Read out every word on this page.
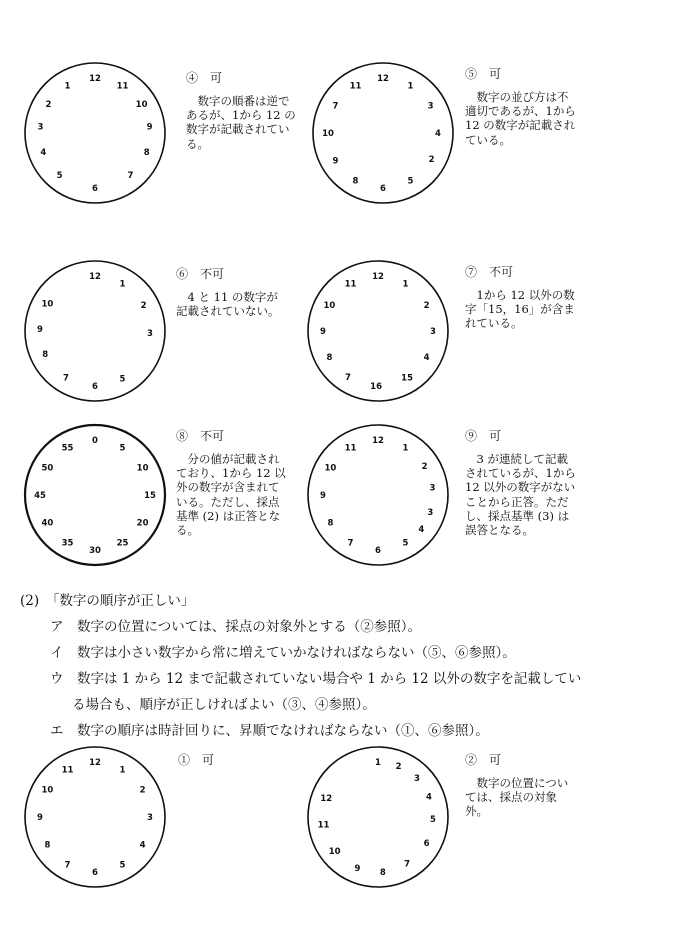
12
11
10
9
8
7
6
5
4
3
2
1
12
1
3
4
2
5
6
8
9
10
7
11
12
1
2
3
5
6
7
8
9
10
12
1
2
3
4
15
16
7
8
9
10
11
0
5
10
15
20
25
30
35
40
45
50
55
12
1
2
3
3
4
5
6
7
8
9
10
11
12
1
2
3
4
5
6
7
8
9
10
11
1 2
3
4
5
6
7
8
9
10
11
12
④　可
数字の順番は逆であるが、1から 12 の数字が記載されている。
⑤　可
数字の並び方は不適切であるが、1から 12 の数字が記載されている。
⑥　不可
4 と 11 の数字が記載されていない。
⑦　不可
1から 12 以外の数字「15，16」が含まれている。
⑧　不可
分の値が記載されており、1から 12 以外の数字が含まれている。ただし、採点基準 (2) は正答となる。
⑨　可
3 が連続して記載されているが、1から 12 以外の数字がないことから正答。ただし、採点基準 (3) は誤答となる。
①　可	②　可
数字の位置については、採点の対象外。
(2)　「数字の順序が正しい」
ア　数字の位置については、採点の対象外とする（②参照）。
イ　数字は小さい数字から常に増えていかなければならない（⑤、⑥参照）。
ウ　数字は 1 から 12 まで記載されていない場合や 1 から 12 以外の数字を記載してい
る場合も、順序が正しければよい（③、④参照）。
エ　数字の順序は時計回りに、昇順でなければならない（①、⑥参照）。
